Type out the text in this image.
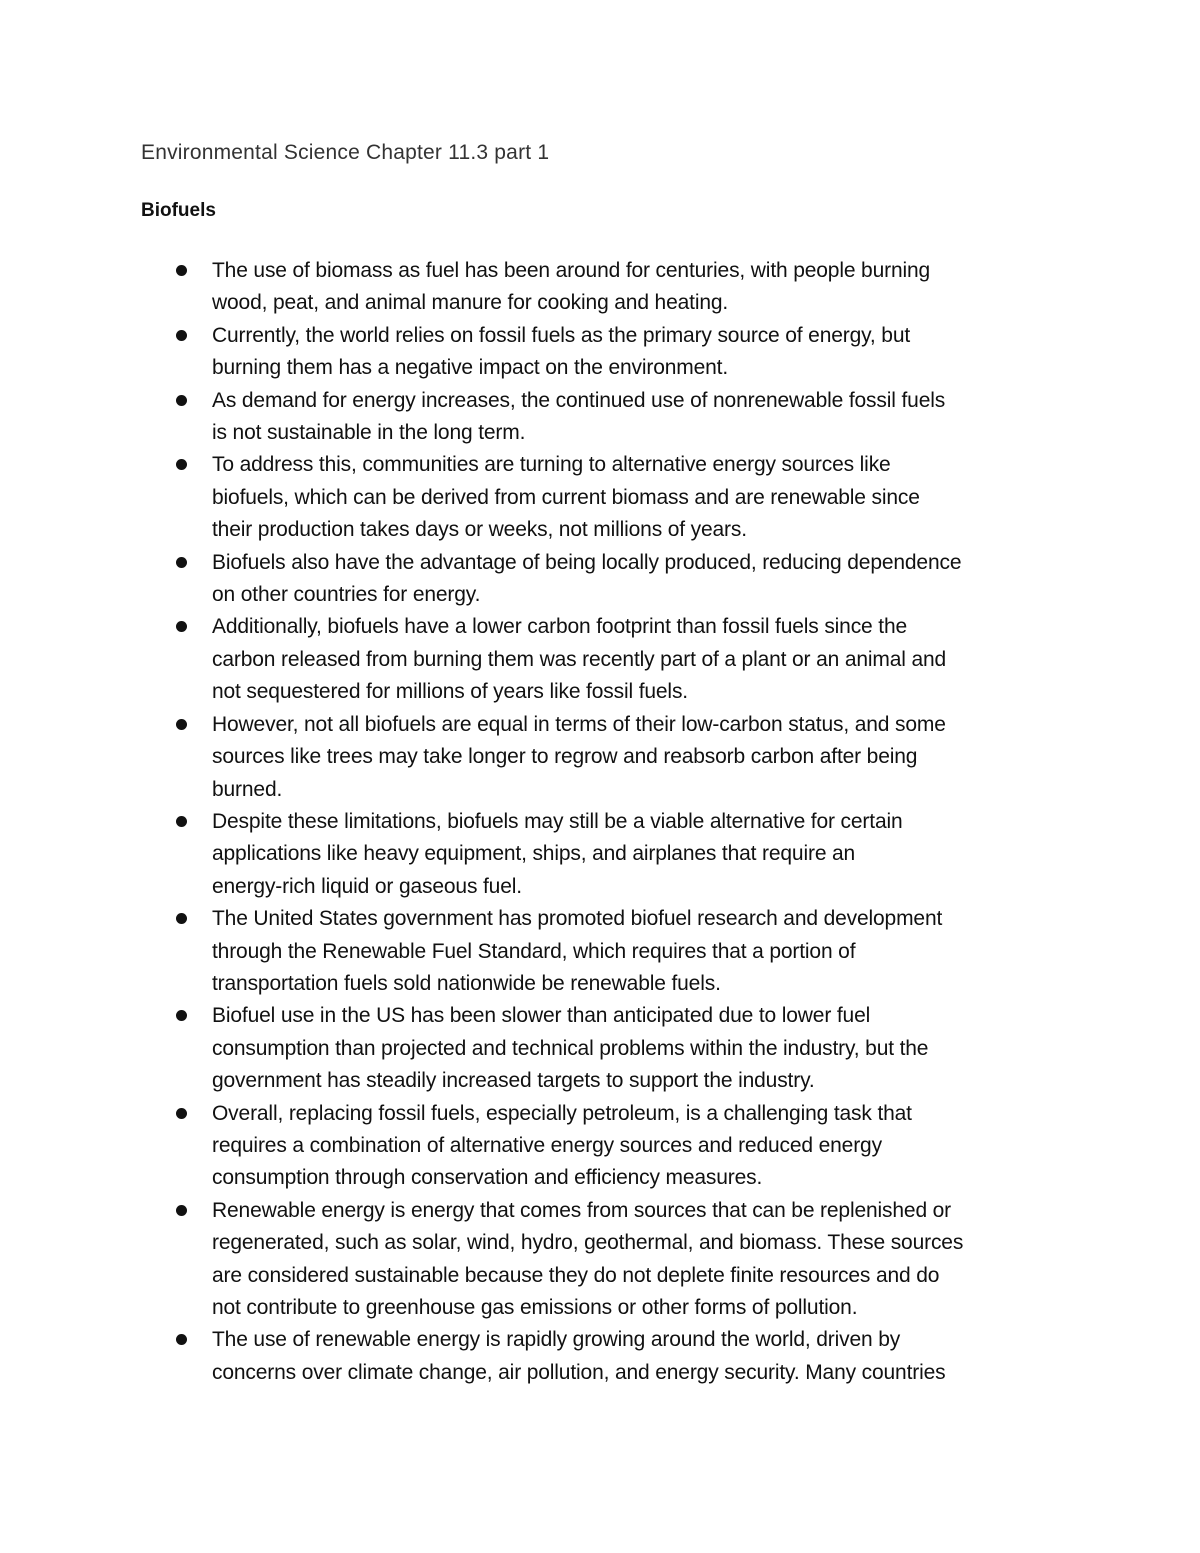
Environmental Science Chapter 11.3 part 1
Biofuels
The use of biomass as fuel has been around for centuries, with people burning
wood, peat, and animal manure for cooking and heating.
Currently, the world relies on fossil fuels as the primary source of energy, but
burning them has a negative impact on the environment.
As demand for energy increases, the continued use of nonrenewable fossil fuels
is not sustainable in the long term.
To address this, communities are turning to alternative energy sources like
biofuels, which can be derived from current biomass and are renewable since
their production takes days or weeks, not millions of years.
Biofuels also have the advantage of being locally produced, reducing dependence
on other countries for energy.
Additionally, biofuels have a lower carbon footprint than fossil fuels since the
carbon released from burning them was recently part of a plant or an animal and
not sequestered for millions of years like fossil fuels.
However, not all biofuels are equal in terms of their low-carbon status, and some
sources like trees may take longer to regrow and reabsorb carbon after being
burned.
Despite these limitations, biofuels may still be a viable alternative for certain
applications like heavy equipment, ships, and airplanes that require an
energy-rich liquid or gaseous fuel.
The United States government has promoted biofuel research and development
through the Renewable Fuel Standard, which requires that a portion of
transportation fuels sold nationwide be renewable fuels.
Biofuel use in the US has been slower than anticipated due to lower fuel
consumption than projected and technical problems within the industry, but the
government has steadily increased targets to support the industry.
Overall, replacing fossil fuels, especially petroleum, is a challenging task that
requires a combination of alternative energy sources and reduced energy
consumption through conservation and efficiency measures.
Renewable energy is energy that comes from sources that can be replenished or
regenerated, such as solar, wind, hydro, geothermal, and biomass. These sources
are considered sustainable because they do not deplete finite resources and do
not contribute to greenhouse gas emissions or other forms of pollution.
The use of renewable energy is rapidly growing around the world, driven by
concerns over climate change, air pollution, and energy security. Many countries
